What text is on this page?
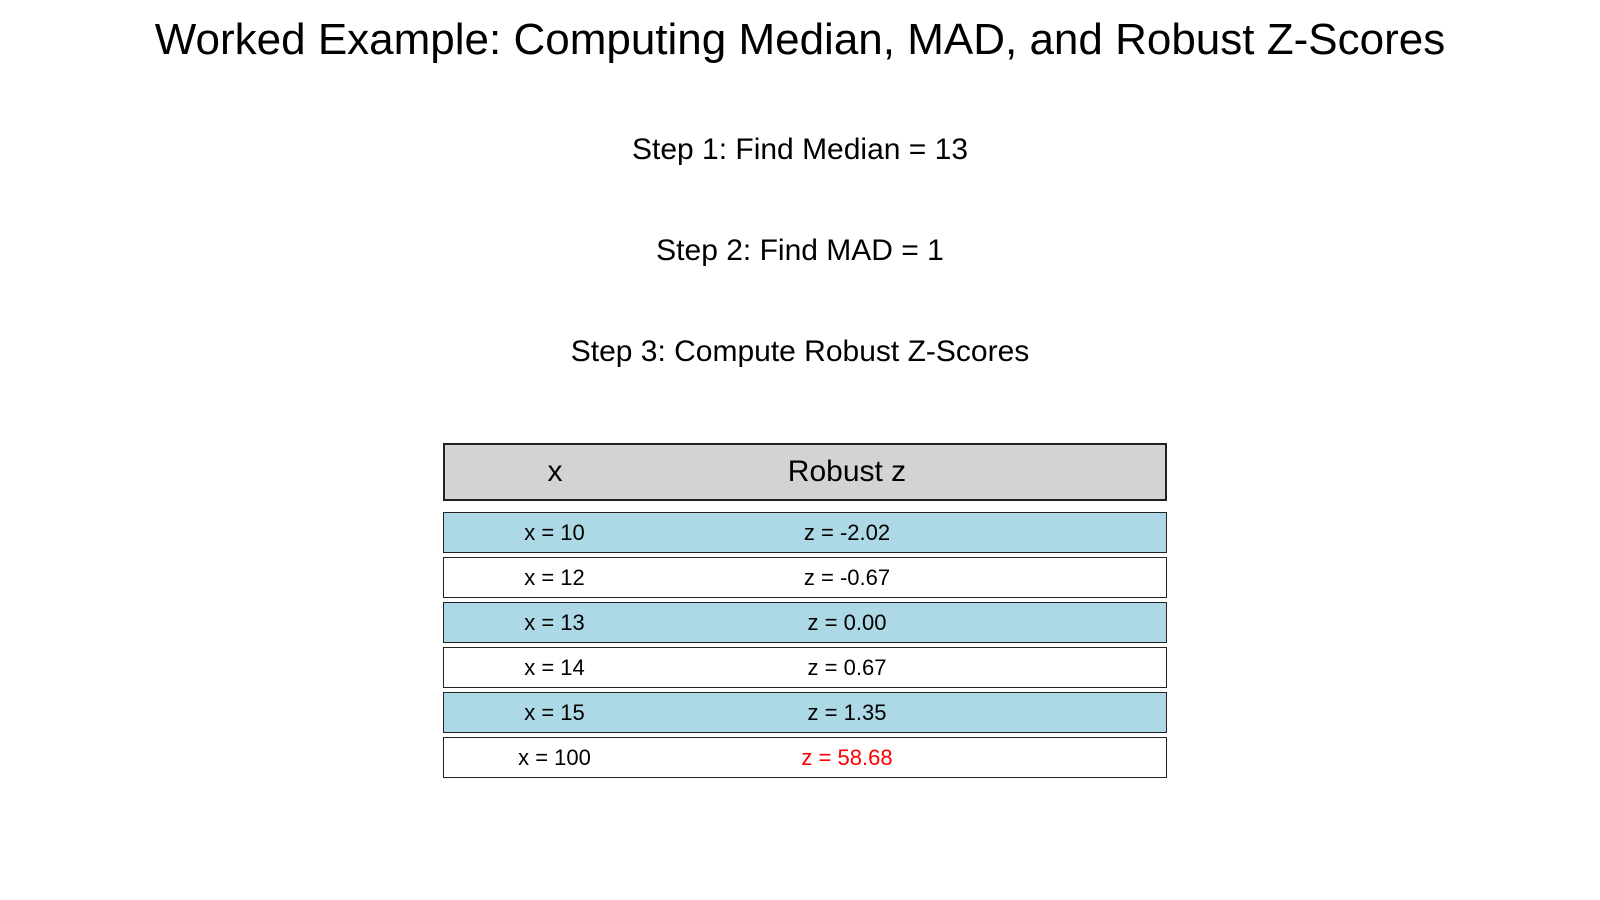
Worked Example: Computing Median, MAD, and Robust Z-Scores
Step 1: Find Median = 13
Step 2: Find MAD = 1
Step 3: Compute Robust Z-Scores
x	Robust z
x = 10	z = -2.02
x = 12	z = -0.67
x = 13	z = 0.00
x = 14	z = 0.67
x = 15	z = 1.35
x = 100	z = 58.68
